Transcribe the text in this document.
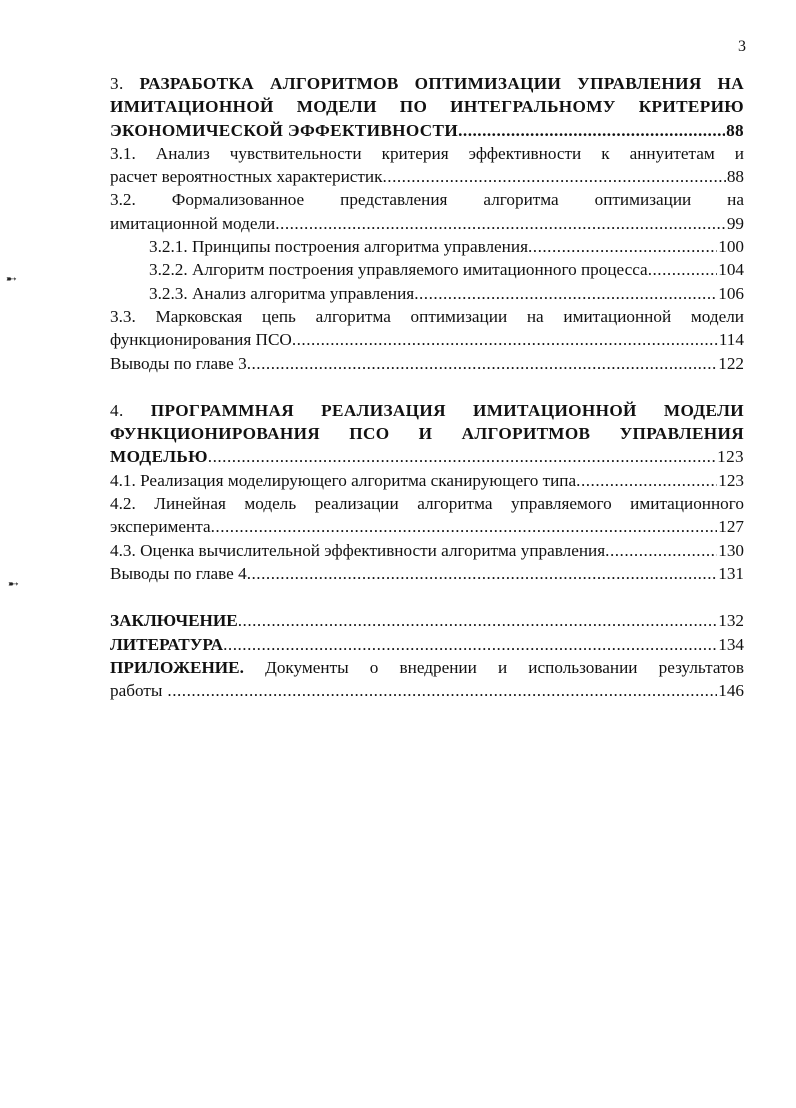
3
➸
➸
3. РАЗРАБОТКА АЛГОРИТМОВ ОПТИМИЗАЦИИ УПРАВЛЕНИЯ НА
ИМИТАЦИОННОЙ МОДЕЛИ ПО ИНТЕГРАЛЬНОМУ КРИТЕРИЮ
ЭКОНОМИЧЕСКОЙ ЭФФЕКТИВНОСТИ .....	88
3.1. Анализ чувствительности критерия эффективности к аннуитетам и
расчет вероятностных характеристик .....	88
3.2. Формализованное представления алгоритма оптимизации на
имитационной модели .....	99
3.2.1. Принципы построения алгоритма управления .....	100
3.2.2. Алгоритм построения управляемого имитационного процесса .....	104
3.2.3. Анализ алгоритма управления .....	106
3.3. Марковская цепь алгоритма оптимизации на имитационной модели
функционирования ПСО .....	114
Выводы по главе 3 .....	122
4. ПРОГРАММНАЯ РЕАЛИЗАЦИЯ ИМИТАЦИОННОЙ МОДЕЛИ
ФУНКЦИОНИРОВАНИЯ ПСО И АЛГОРИТМОВ УПРАВЛЕНИЯ
МОДЕЛЬЮ .....	123
4.1. Реализация моделирующего алгоритма сканирующего типа .....	123
4.2. Линейная модель реализации алгоритма управляемого имитационного
эксперимента .....	127
4.3. Оценка вычислительной эффективности алгоритма управления .....	130
Выводы по главе 4 .....	131
ЗАКЛЮЧЕНИЕ .....	132
ЛИТЕРАТУРА .....	134
ПРИЛОЖЕНИЕ. Документы о внедрении и использовании результатов
работы .....	146
